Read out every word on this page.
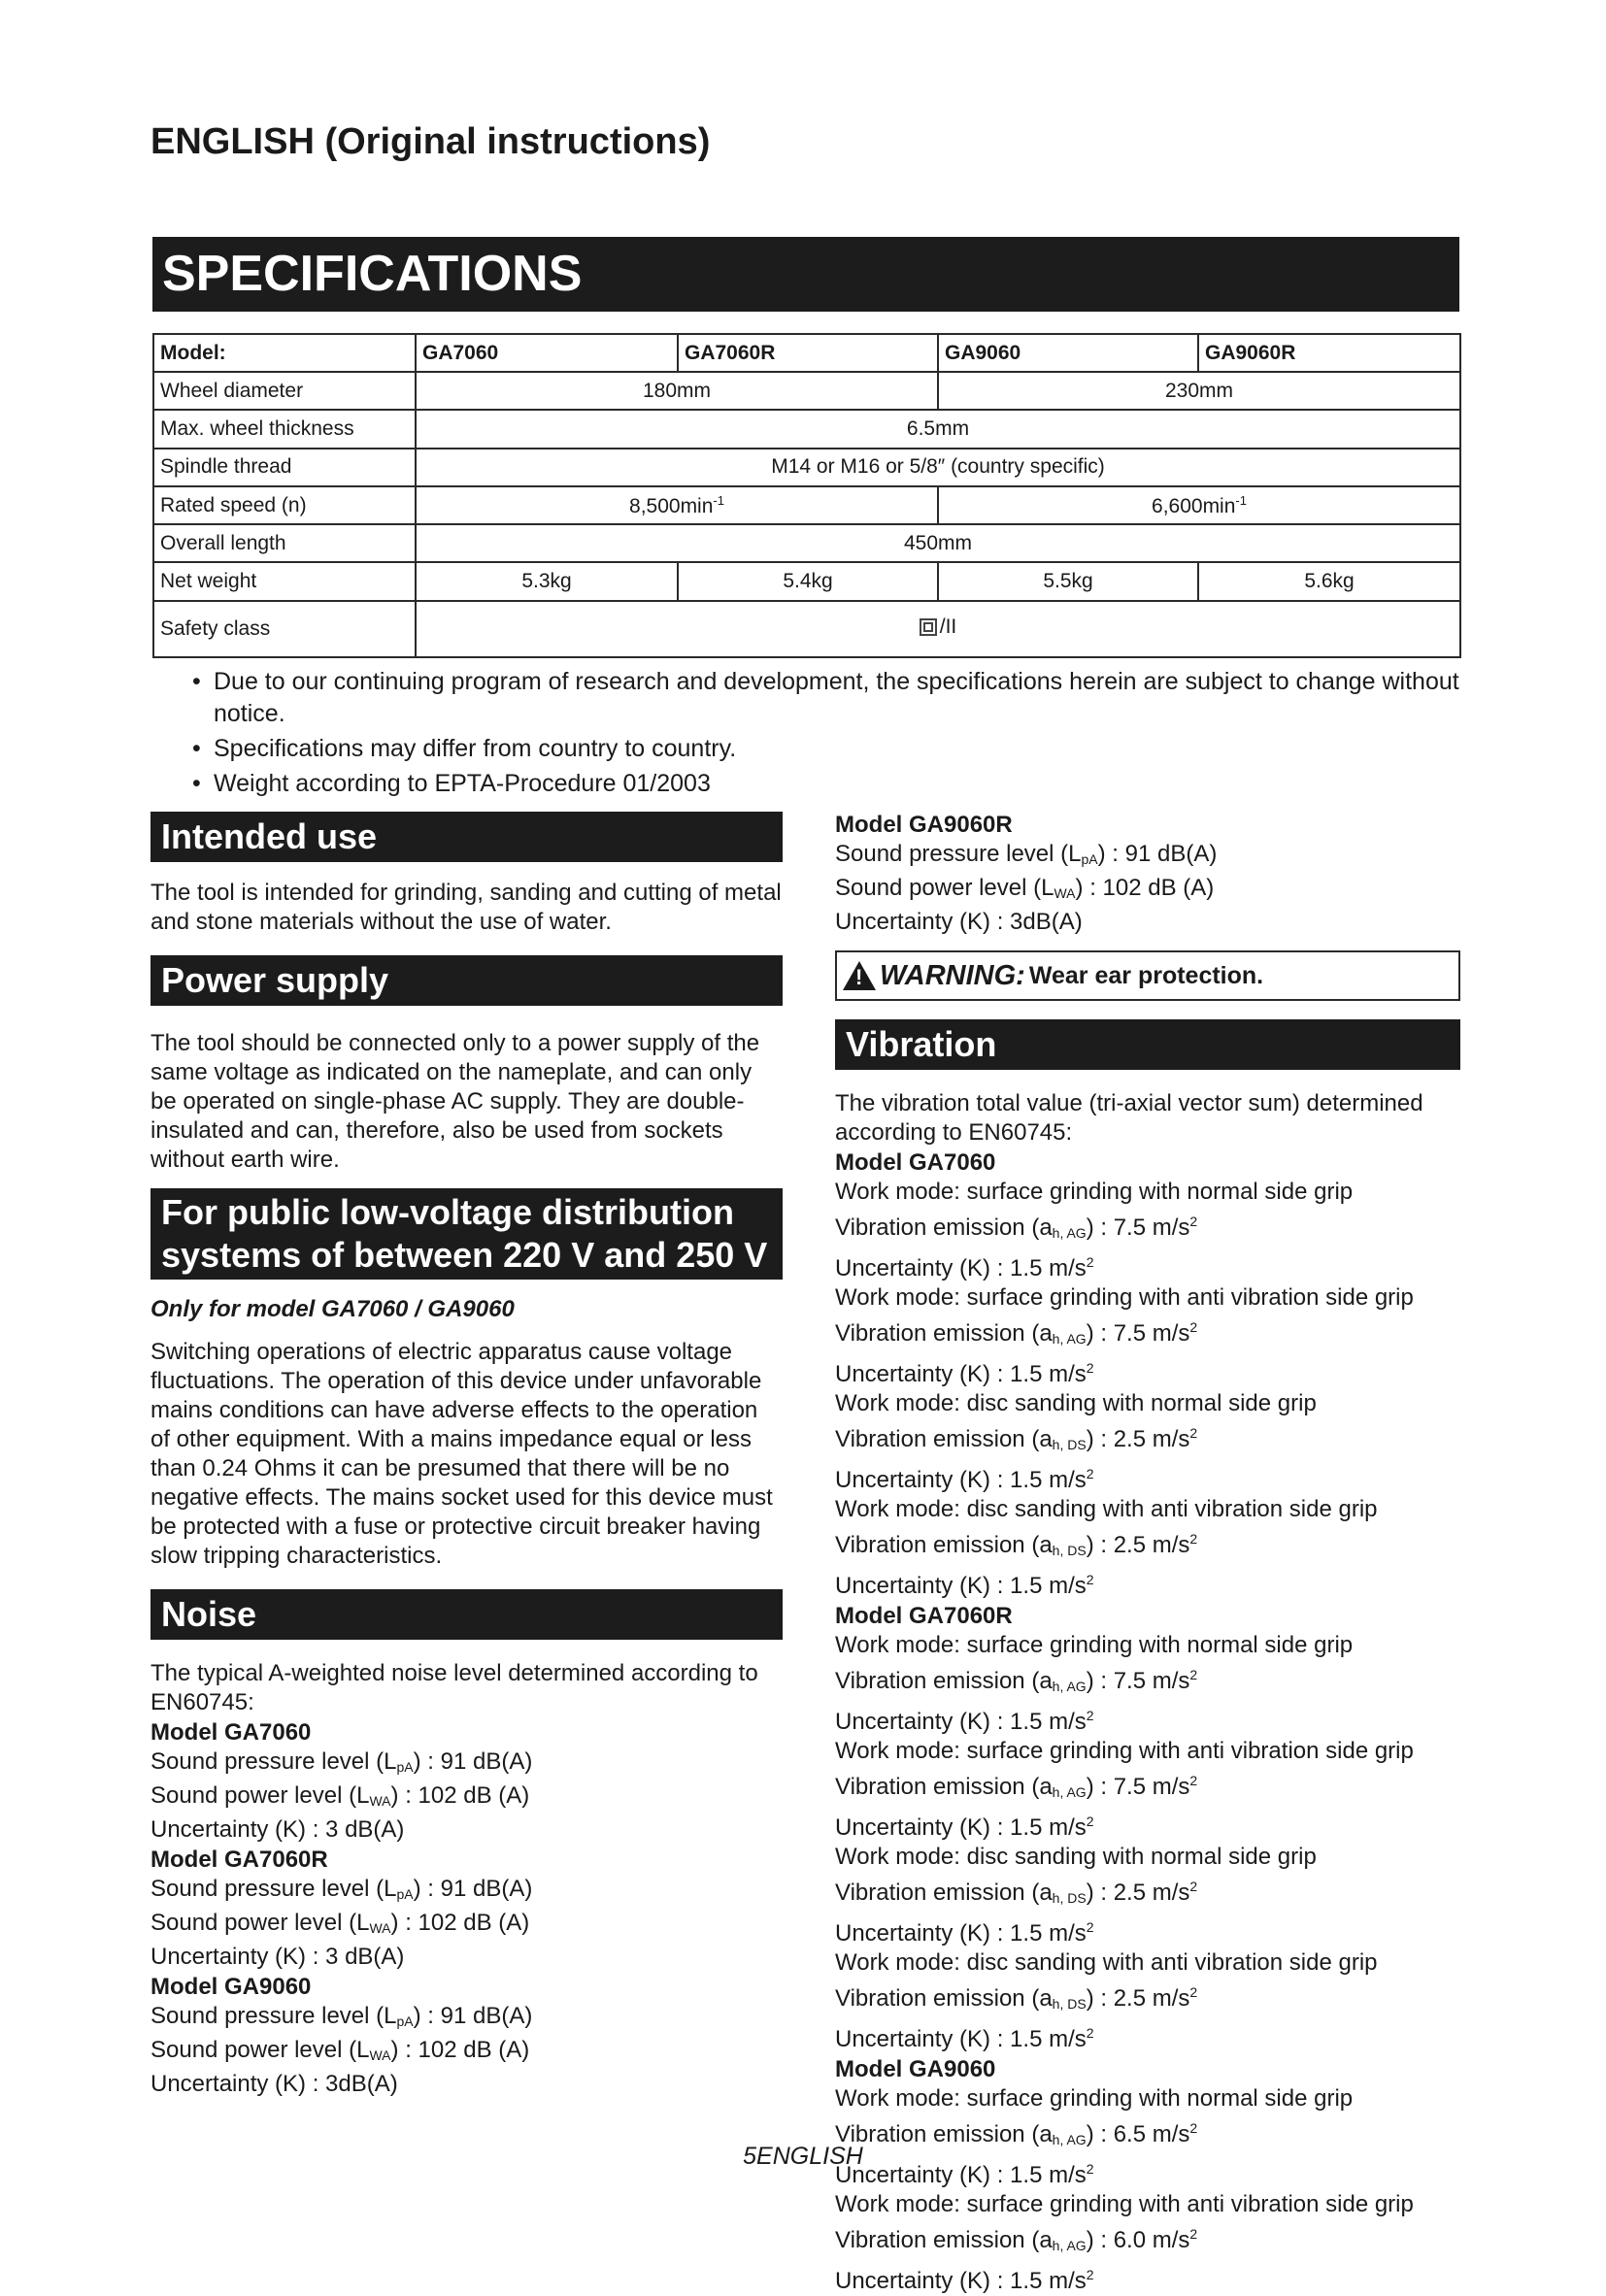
ENGLISH (Original instructions)
SPECIFICATIONS
Model:	GA7060	GA7060R	GA9060	GA9060R
Wheel diameter	180mm		230mm	
Max. wheel thickness	6.5mm			
Spindle thread	M14 or M16 or 5/8″ (country specific)			
Rated speed (n)	$8,500\min^{-1}$		$6,600\min^{-1}$
Overall length	450mm			
Net weight	5.3kg	5.4kg	5.5kg	5.6kg
Safety class	/II			
• Due to our continuing program of research and development, the specifications herein are subject to change without notice.
• Specifications may differ from country to country.
• Weight according to EPTA-Procedure 01/2003
Intended use

The tool is intended for grinding, sanding and cutting of metal and stone materials without the use of water.

Power supply

The tool should be connected only to a power supply of the same voltage as indicated on the nameplate, and can only be operated on single-phase AC supply. They are double-insulated and can, therefore, also be used from sockets without earth wire.

For public low-voltage distribution
systems of between 220 V and 250 V

Only for model GA7060 / GA9060

Switching operations of electric apparatus cause voltage fluctuations. The operation of this device under unfavorable mains conditions can have adverse effects to the operation of other equipment. With a mains impedance equal or less than 0.24 Ohms it can be presumed that there will be no negative effects. The mains socket used for this device must be protected with a fuse or protective circuit breaker having slow tripping characteristics.

Noise

The typical A-weighted noise level determined according to EN60745:

Model GA7060

Sound pressure level $(L_{pA})$ : 91 dB(A)

Sound power level $(L_{WA})$ : 102 dB (A)

Uncertainty (K) : 3 dB(A)

Model GA7060R

Sound pressure level $(L_{pA})$ : 91 dB(A)

Sound power level $(L_{WA})$ : 102 dB (A)

Uncertainty (K) : 3 dB(A)

Model GA9060

Sound pressure level $(L_{pA})$ : 91 dB(A)

Sound power level $(L_{WA})$ : 102 dB (A)

Uncertainty (K) : 3dB(A)

Model GA9060R

Sound pressure level $(L_{pA})$ : 91 dB(A)

Sound power level $(L_{WA})$ : 102 dB (A)

Uncertainty (K) : 3dB(A)

!
WARNING: Wear ear protection.
Vibration

The vibration total value (tri-axial vector sum) determined according to EN60745:

Model GA7060

Work mode: surface grinding with normal side grip

Vibration emission $(a_{h, AG})$ : 7.5 $m/s^2$

Uncertainty (K) : 1.5 $m/s^2$

Work mode: surface grinding with anti vibration side grip

Vibration emission $(a_{h, AG})$ : 7.5 $m/s^2$

Uncertainty (K) : 1.5 $m/s^2$

Work mode: disc sanding with normal side grip

Vibration emission $(a_{h, DS})$ : 2.5 $m/s^2$

Uncertainty (K) : 1.5 $m/s^2$

Work mode: disc sanding with anti vibration side grip

Vibration emission $(a_{h, DS})$ : 2.5 $m/s^2$

Uncertainty (K) : 1.5 $m/s^2$

Model GA7060R

Work mode: surface grinding with normal side grip

Vibration emission $(a_{h, AG})$ : 7.5 $m/s^2$

Uncertainty (K) : 1.5 $m/s^2$

Work mode: surface grinding with anti vibration side grip

Vibration emission $(a_{h, AG})$ : 7.5 $m/s^2$

Uncertainty (K) : 1.5 $m/s^2$

Work mode: disc sanding with normal side grip

Vibration emission $(a_{h, DS})$ : 2.5 $m/s^2$

Uncertainty (K) : 1.5 $m/s^2$

Work mode: disc sanding with anti vibration side grip

Vibration emission $(a_{h, DS})$ : 2.5 $m/s^2$

Uncertainty (K) : 1.5 $m/s^2$

Model GA9060

Work mode: surface grinding with normal side grip

Vibration emission $(a_{h, AG})$ : 6.5 $m/s^2$

Uncertainty (K) : 1.5 $m/s^2$

Work mode: surface grinding with anti vibration side grip

Vibration emission $(a_{h, AG})$ : 6.0 $m/s^2$

Uncertainty (K) : 1.5 $m/s^2$

5ENGLISH
